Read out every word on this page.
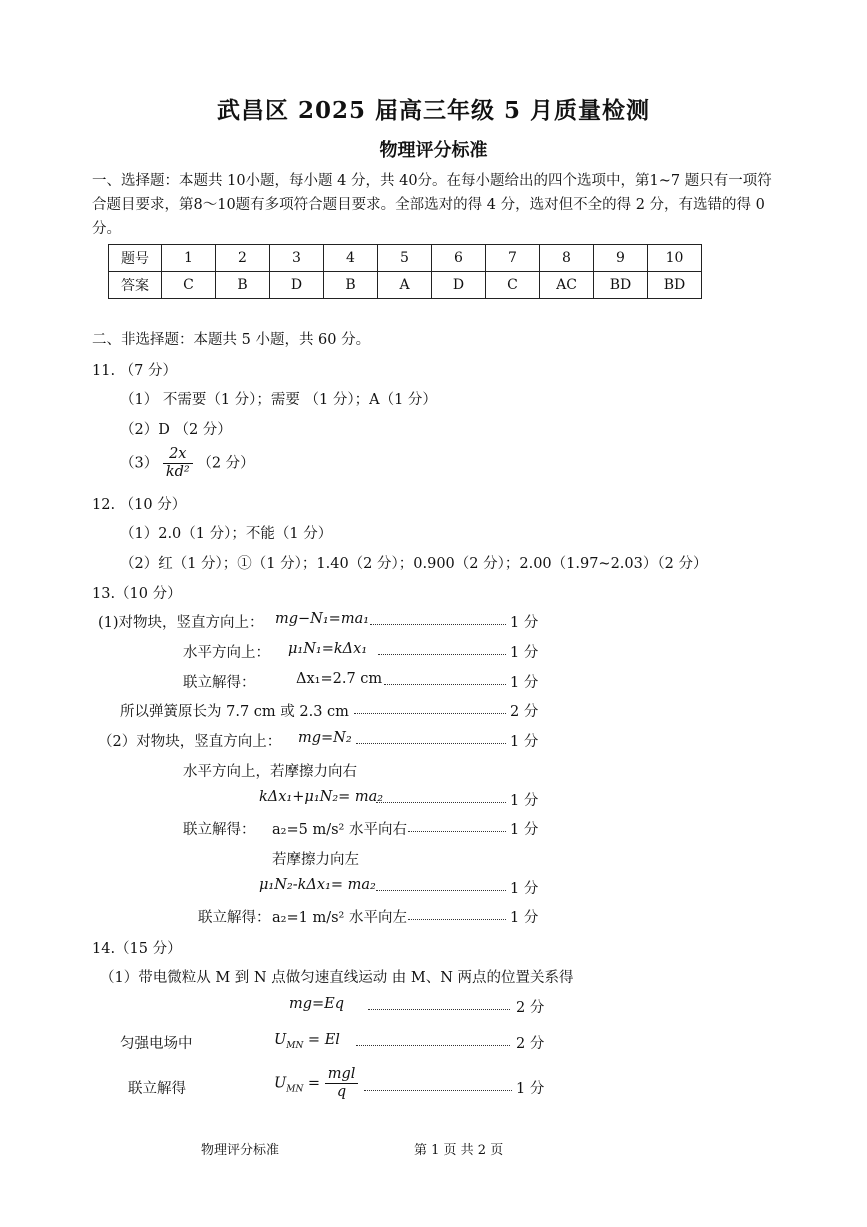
武昌区 2025 届高三年级 5 月质量检测
物理评分标准
一、选择题：本题共 10小题，每小题 4 分，共 40分。在每小题给出的四个选项中，第1~7 题只有一项符合题目要求，第8～10题有多项符合题目要求。全部选对的得 4 分，选对但不全的得 2 分，有选错的得 0 分。
题号	1	2	3	4	5	6	7	8	9	10
答案	C	B	D	B	A	D	C	AC	BD	BD
二、非选择题：本题共 5 小题，共 60 分。
11. （7 分）
（1） 不需要（1 分）；需要 （1 分）；A（1 分）
（2）D （2 分）
$(3) \frac{2x}{\text{kd²}} (2$ 分）
12. （10 分）
（1）2.0（1 分）；不能（1 分）
（2）红（1 分）；①（1 分）；1.40（2 分）；0.900（2 分）；2.00（1.97~2.03）（2 分）
13.（10 分）
(1)对物块，竖直方向上： mg−N₁=ma₁	1 分
水平方向上： μ₁N₁=kΔx₁	1 分
联立解得：	Δx₁=2.7 cm	1 分
所以弹簧原长为 7.7 cm 或 2.3 cm	2 分
（2）对物块，竖直方向上： mg=N₂	1 分
水平方向上，若摩擦力向右
kΔx₁+μ₁N₂= ma₂	1 分
联立解得： a₂=5 m/s² 水平向右	1 分
若摩擦力向左
μ₁N₂-kΔx₁= ma₂	1 分
联立解得： a₂=1 m/s² 水平向左	1 分
14.（15 分）
（1）带电微粒从 M 到 N 点做匀速直线运动 由 M、N 两点的位置关系得
mg=Eq	2 分
匀强电场中	$U_{MN} = El$	2 分
联立解得	$U_{MN} = \frac{\text{mgl}}{q}$	1 分
物理评分标准	第 1 页 共 2 页
